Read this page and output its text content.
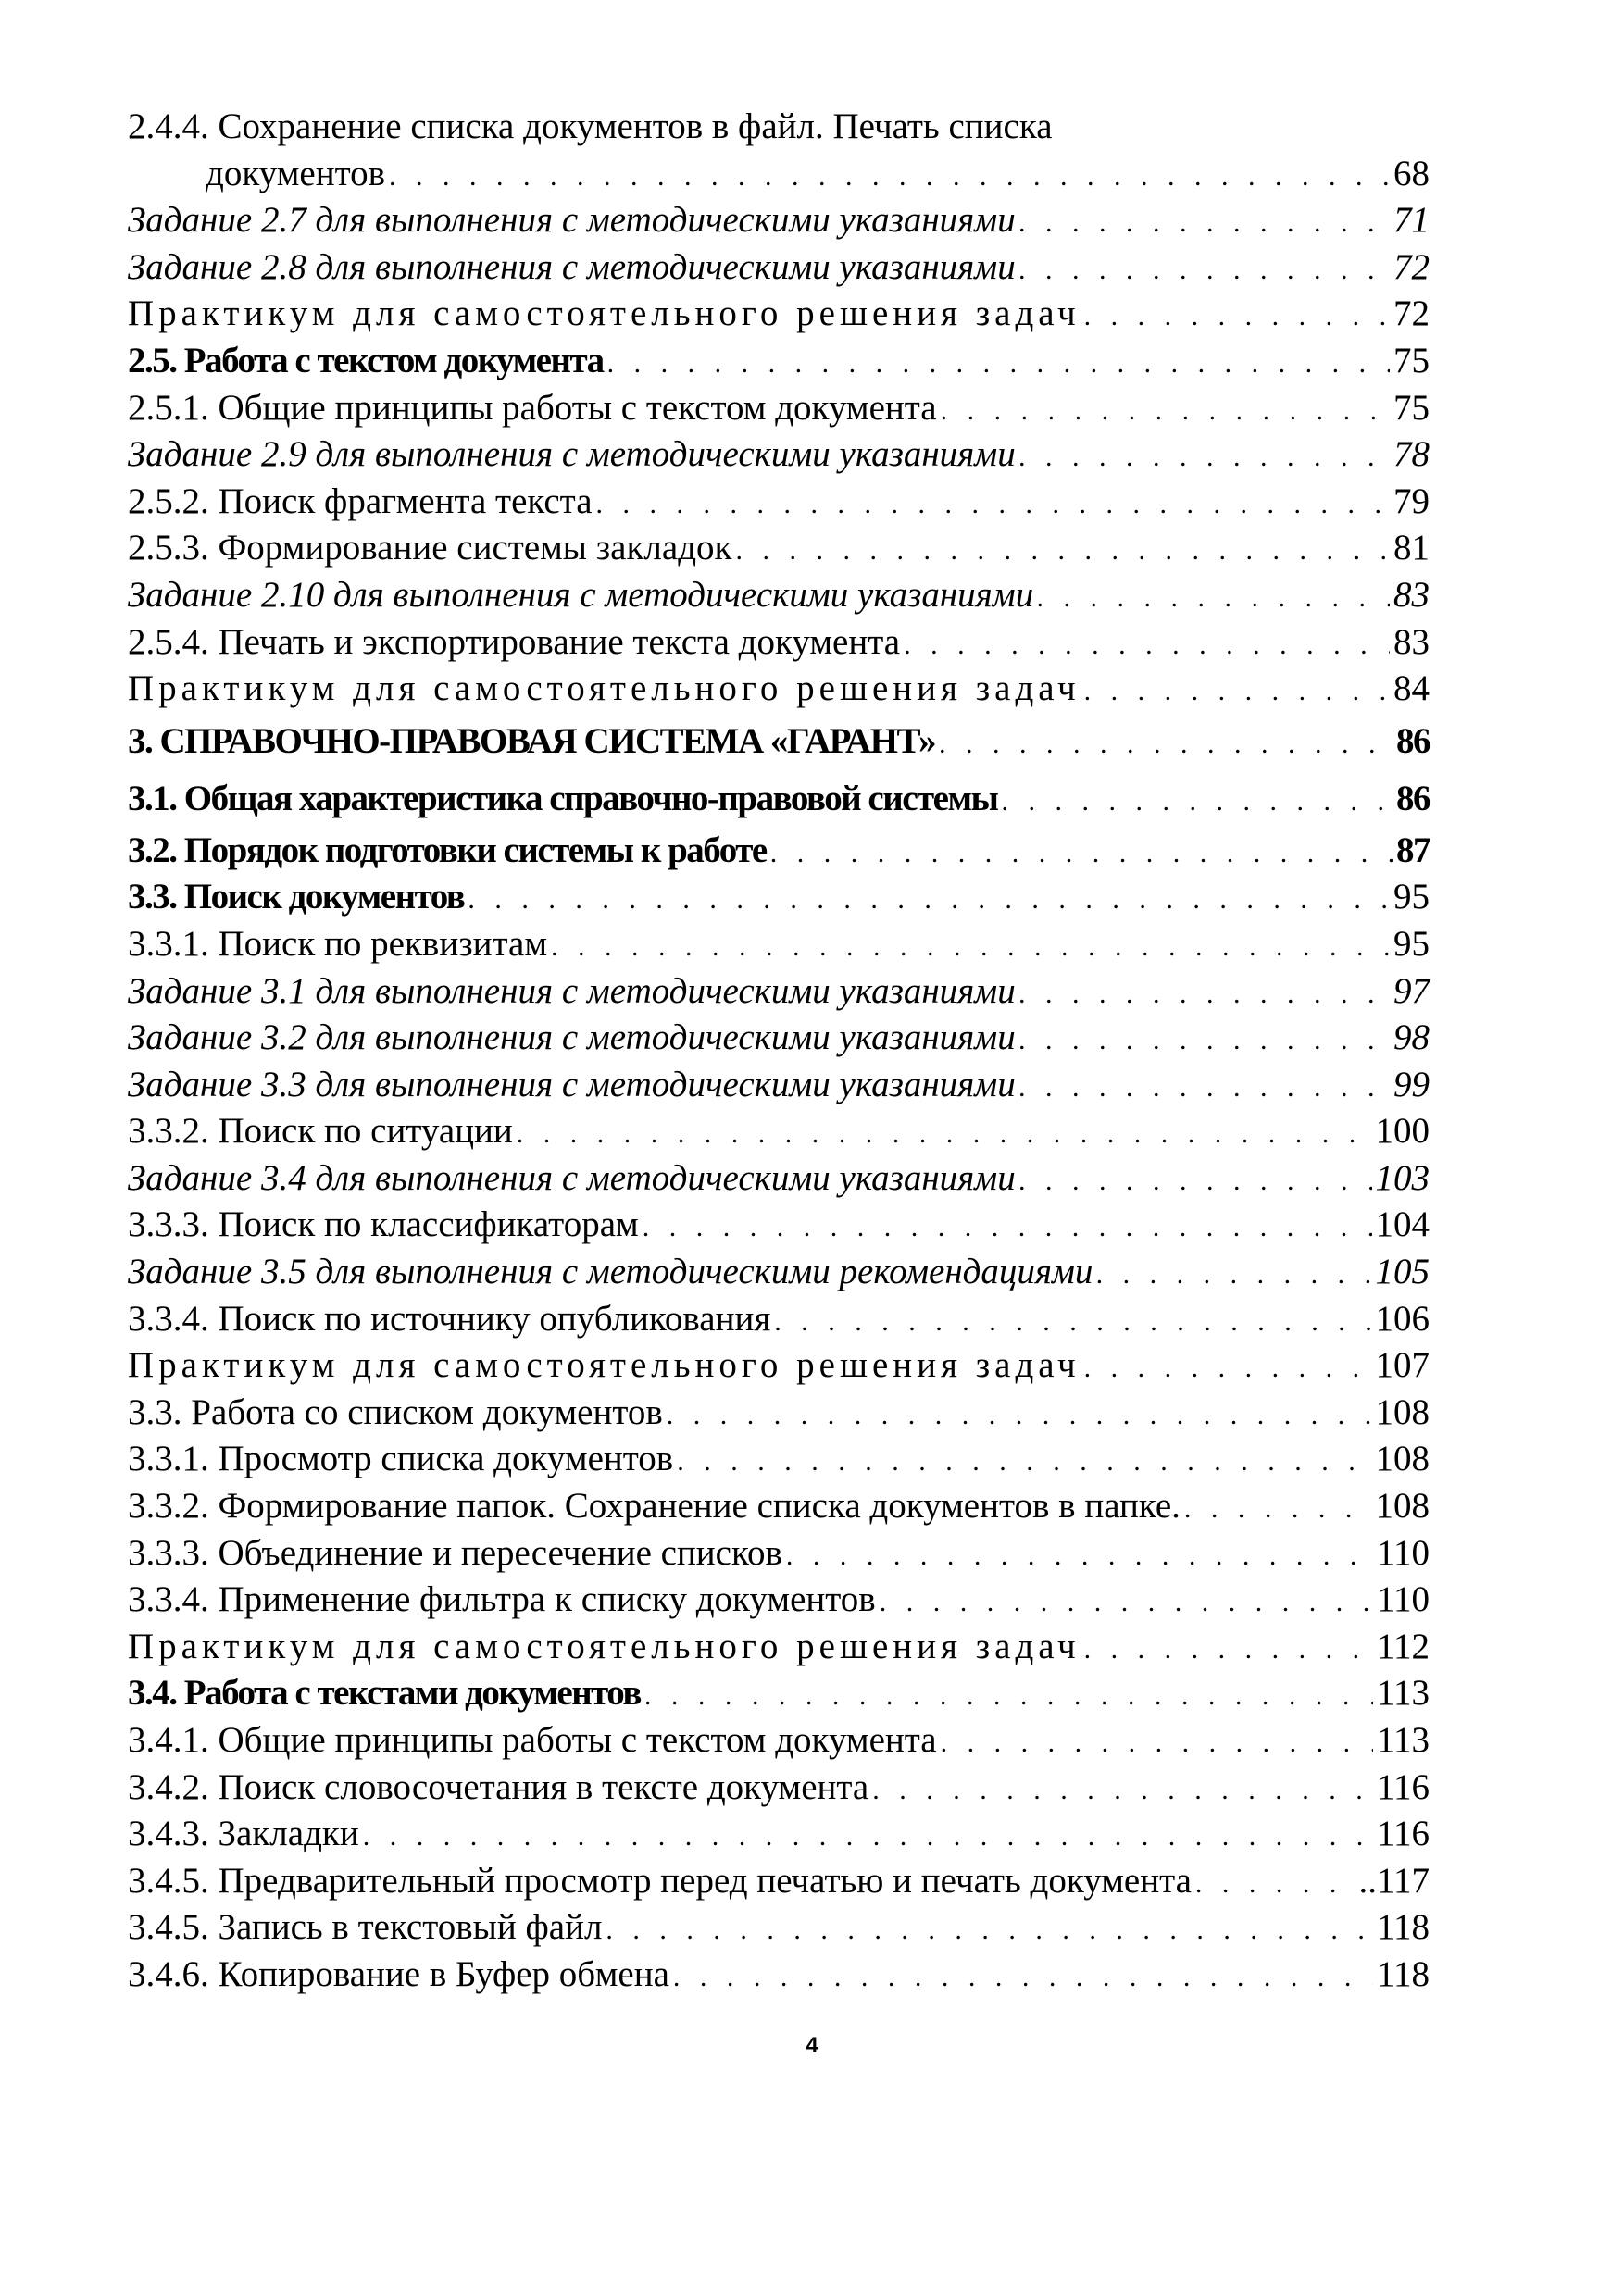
2.4.4. Сохранение списка документов в файл. Печать списка
документов . . .	68
Задание 2.7 для выполнения с методическими указаниями . . .	71
Задание 2.8 для выполнения с методическими указаниями . . .	72
Практикум для самостоятельного решения задач . . .	72
2.5. Работа с текстом документа . . .	75
2.5.1. Общие принципы работы с текстом документа . . .	75
Задание 2.9 для выполнения с методическими указаниями . . .	78
2.5.2. Поиск фрагмента текста . . .	79
2.5.3. Формирование системы закладок . . .	81
Задание 2.10 для выполнения с методическими указаниями . . .	83
2.5.4. Печать и экспортирование текста документа . . .	83
Практикум для самостоятельного решения задач . . .	84
3. СПРАВОЧНО-ПРАВОВАЯ СИСТЕМА «ГАРАНТ» . . .	86
3.1. Общая характеристика справочно-правовой системы . . .	86
3.2. Порядок подготовки системы к работе . . .	87
3.3. Поиск документов . . .	95
3.3.1. Поиск по реквизитам . . .	95
Задание 3.1 для выполнения с методическими указаниями . . .	97
Задание 3.2 для выполнения с методическими указаниями . . .	98
Задание 3.3 для выполнения с методическими указаниями . . .	99
3.3.2. Поиск по ситуации . . .	100
Задание 3.4 для выполнения с методическими указаниями . . .	103
3.3.3. Поиск по классификаторам . . .	104
Задание 3.5 для выполнения с методическими рекомендациями . . .	105
3.3.4. Поиск по источнику опубликования . . .	106
Практикум для самостоятельного решения задач . . .	107
3.3. Работа со списком документов . . .	108
3.3.1. Просмотр списка документов . . .	108
3.3.2. Формирование папок. Сохранение списка документов в папке. . . .	108
3.3.3. Объединение и пересечение списков . . .	110
3.3.4. Применение фильтра к списку документов . . .	110
Практикум для самостоятельного решения задач . . .	112
3.4. Работа с текстами документов . . .	113
3.4.1. Общие принципы работы с текстом документа . . .	113
3.4.2. Поиск словосочетания в тексте документа . . .	116
3.4.3. Закладки . . .	116
3.4.5. Предварительный просмотр перед печатью и печать документа . . .	..117
3.4.5. Запись в текстовый файл . . .	118
3.4.6. Копирование в Буфер обмена . . .	118
4
